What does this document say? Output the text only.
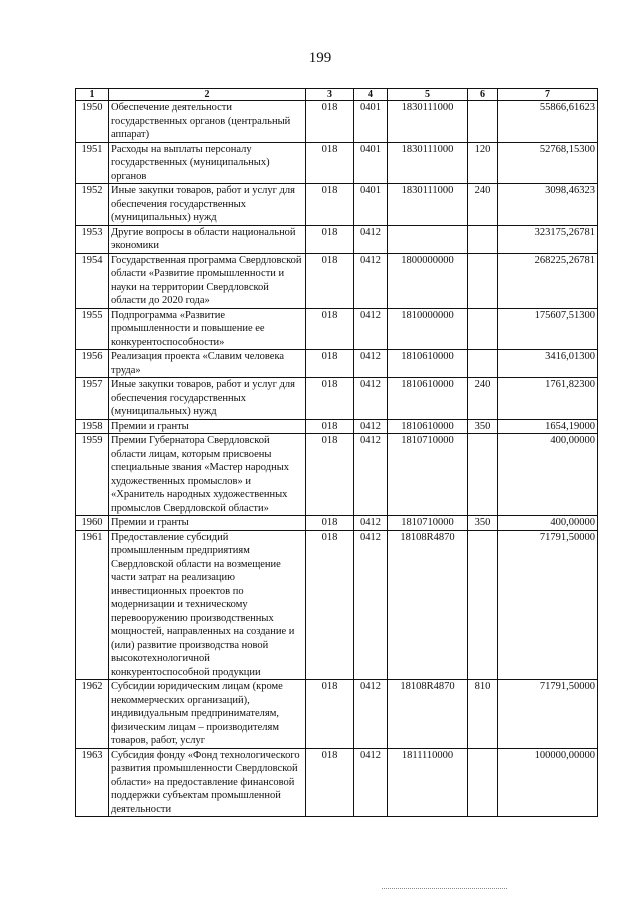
199
1	2	3	4	5	6	7
1950	Обеспечение деятельности государственных органов (центральный аппарат)	018	0401	1830111000		55866,61623
1951	Расходы на выплаты персоналу государственных (муниципальных) органов	018	0401	1830111000	120	52768,15300
1952	Иные закупки товаров, работ и услуг для обеспечения государственных (муниципальных) нужд	018	0401	1830111000	240	3098,46323
1953	Другие вопросы в области национальной экономики	018	0412			323175,26781
1954	Государственная программа Свердловской области «Развитие промышленности и науки на территории Свердловской области до 2020 года»	018	0412	1800000000		268225,26781
1955	Подпрограмма «Развитие промышленности и повышение ее конкурентоспособности»	018	0412	1810000000		175607,51300
1956	Реализация проекта «Славим человека труда»	018	0412	1810610000		3416,01300
1957	Иные закупки товаров, работ и услуг для обеспечения государственных (муниципальных) нужд	018	0412	1810610000	240	1761,82300
1958	Премии и гранты	018	0412	1810610000	350	1654,19000
1959	Премии Губернатора Свердловской области лицам, которым присвоены специальные звания «Мастер народных художественных промыслов» и «Хранитель народных художественных промыслов Свердловской области»	018	0412	1810710000		400,00000
1960	Премии и гранты	018	0412	1810710000	350	400,00000
1961	Предоставление субсидий промышленным предприятиям Свердловской области на возмещение части затрат на реализацию инвестиционных проектов по модернизации и техническому перевооружению производственных мощностей, направленных на создание и (или) развитие производства новой высокотехнологичной конкурентоспособной продукции	018	0412	18108R4870		71791,50000
1962	Субсидии юридическим лицам (кроме некоммерческих организаций), индивидуальным предпринимателям, физическим лицам – производителям товаров, работ, услуг	018	0412	18108R4870	810	71791,50000
1963	Субсидия фонду «Фонд технологического развития промышленности Свердловской области» на предоставление финансовой поддержки субъектам промышленной деятельности	018	0412	1811110000		100000,00000
